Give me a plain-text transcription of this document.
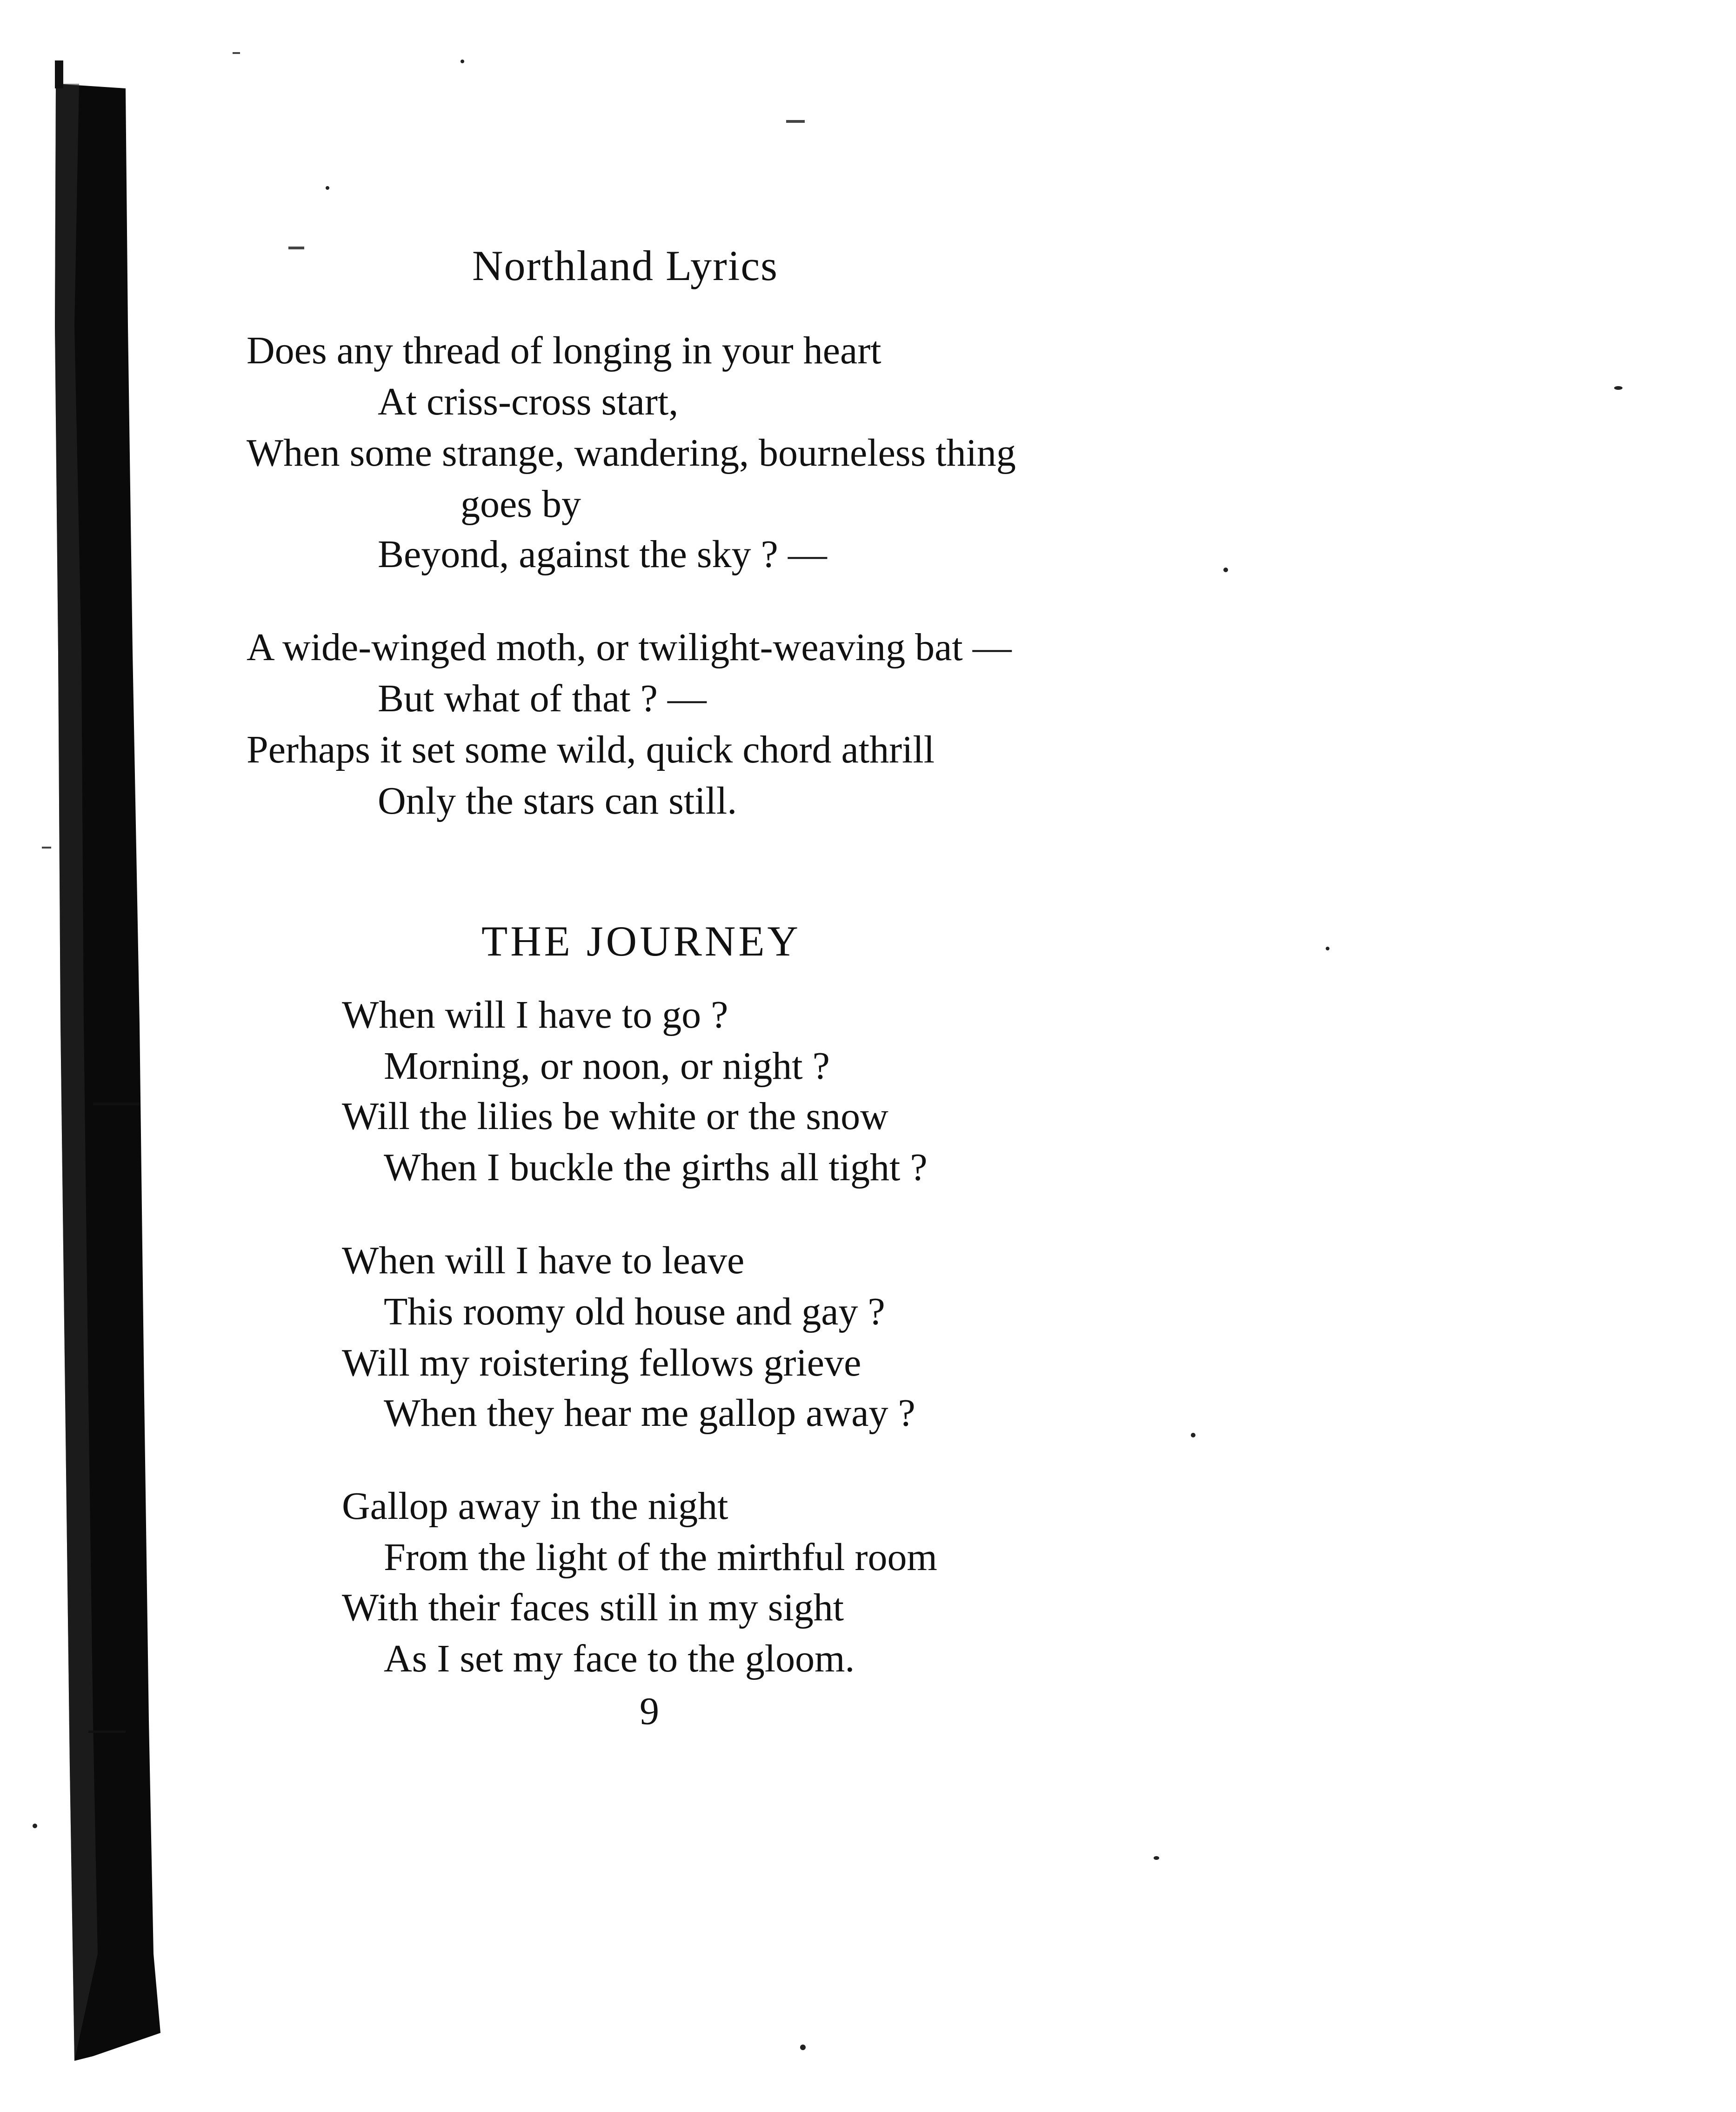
Northland Lyrics
Does any thread of longing in your heart
At criss-cross start,
When some strange, wandering, bourneless thing
goes by
Beyond, against the sky ? —
A wide-winged moth, or twilight-weaving bat —
But what of that ? —
Perhaps it set some wild, quick chord athrill
Only the stars can still.
THE JOURNEY
When will I have to go ?
Morning, or noon, or night ?
Will the lilies be white or the snow
When I buckle the girths all tight ?
When will I have to leave
This roomy old house and gay ?
Will my roistering fellows grieve
When they hear me gallop away ?
Gallop away in the night
From the light of the mirthful room
With their faces still in my sight
As I set my face to the gloom.
9
